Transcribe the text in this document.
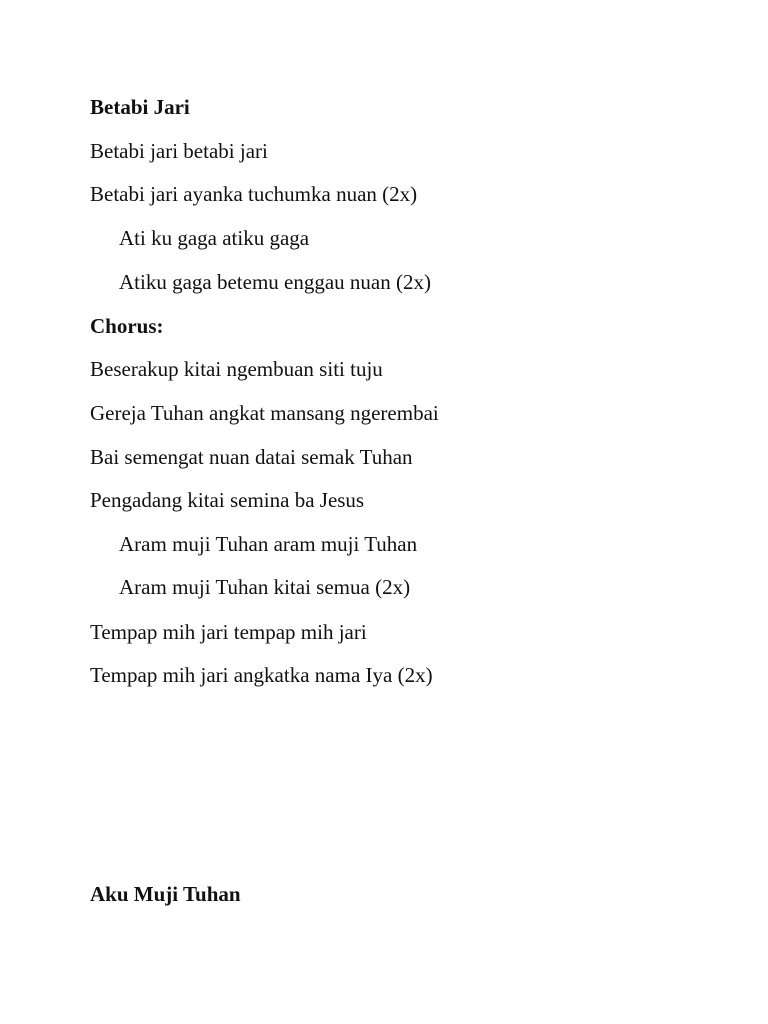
Betabi Jari
Betabi jari betabi jari
Betabi jari ayanka tuchumka nuan (2x)
Ati ku gaga atiku gaga
Atiku gaga betemu enggau nuan (2x)
Chorus:
Beserakup kitai ngembuan siti tuju
Gereja Tuhan angkat mansang ngerembai
Bai semengat nuan datai semak Tuhan
Pengadang kitai semina ba Jesus
Aram muji Tuhan aram muji Tuhan
Aram muji Tuhan kitai semua (2x)
Tempap mih jari tempap mih jari
Tempap mih jari angkatka nama Iya (2x)
Aku Muji Tuhan
